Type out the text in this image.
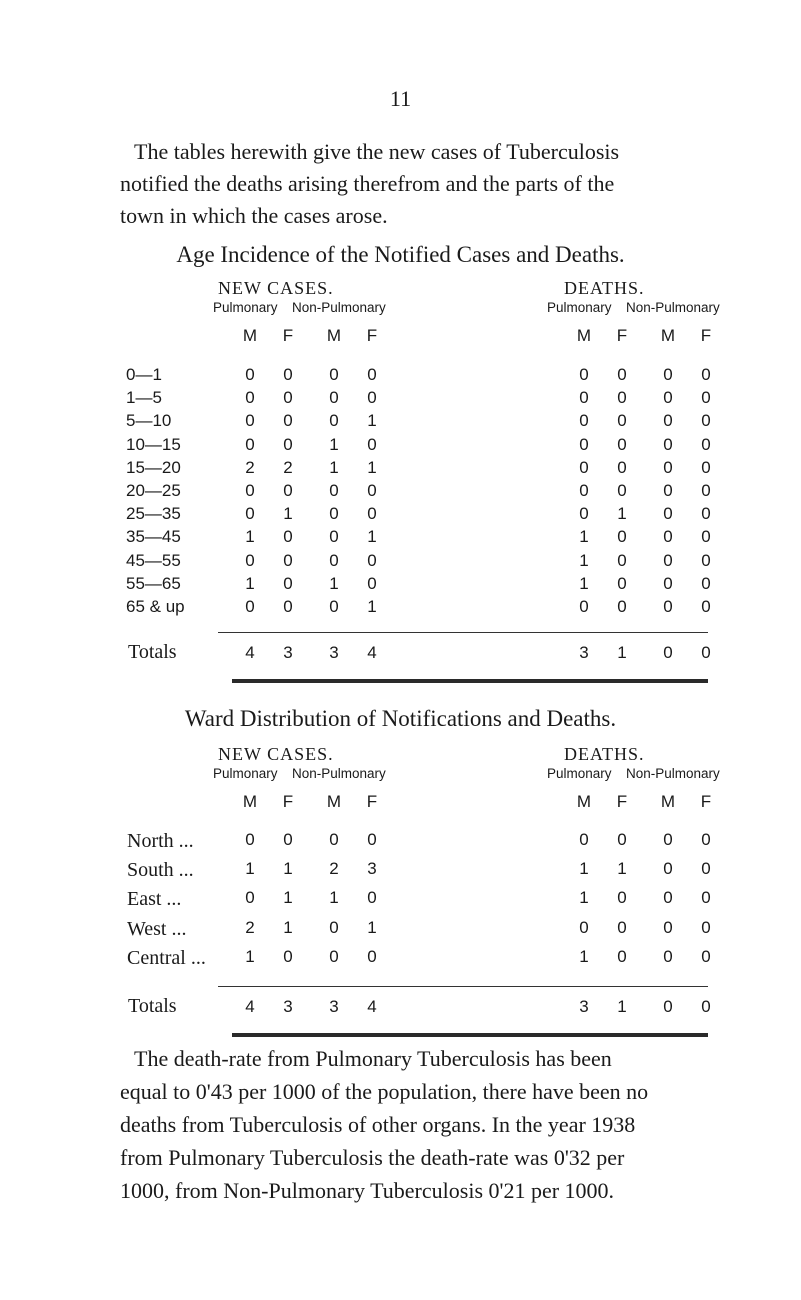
11
The tables herewith give the new cases of Tuberculosis
notified the deaths arising therefrom and the parts of the
town in which the cases arose.
Age Incidence of the Notified Cases and Deaths.
NEW CASES.	DEATHS.
Pulmonary Non-Pulmonary	Pulmonary Non-Pulmonary
M	F	M	F	M	F	M	F
0—1	0	0	0	0	0	0	0	0
1—5	0	0	0	0	0	0	0	0
5—10	0	0	0	1	0	0	0	0
10—15	0	0	1	0	0	0	0	0
15—20	2	2	1	1	0	0	0	0
20—25	0	0	0	0	0	0	0	0
25—35	0	1	0	0	0	1	0	0
35—45	1	0	0	1	1	0	0	0
45—55	0	0	0	0	1	0	0	0
55—65	1	0	1	0	1	0	0	0
65 & up	0	0	0	1	0	0	0	0
Totals	4	3	3	4	3	1	0	0
Ward Distribution of Notifications and Deaths.
NEW CASES.	DEATHS.
Pulmonary Non-Pulmonary	Pulmonary Non-Pulmonary
M	F	M	F	M	F	M	F
North ...	0	0	0	0	0	0	0	0
South ...	1	1	2	3	1	1	0	0
East ...	0	1	1	0	1	0	0	0
West ...	2	1	0	1	0	0	0	0
Central ...	1	0	0	0	1	0	0	0
Totals	4	3	3	4	3	1	0	0
The death-rate from Pulmonary Tuberculosis has been
equal to 0'43 per 1000 of the population, there have been no
deaths from Tuberculosis of other organs. In the year 1938
from Pulmonary Tuberculosis the death-rate was 0'32 per
1000, from Non-Pulmonary Tuberculosis 0'21 per 1000.
